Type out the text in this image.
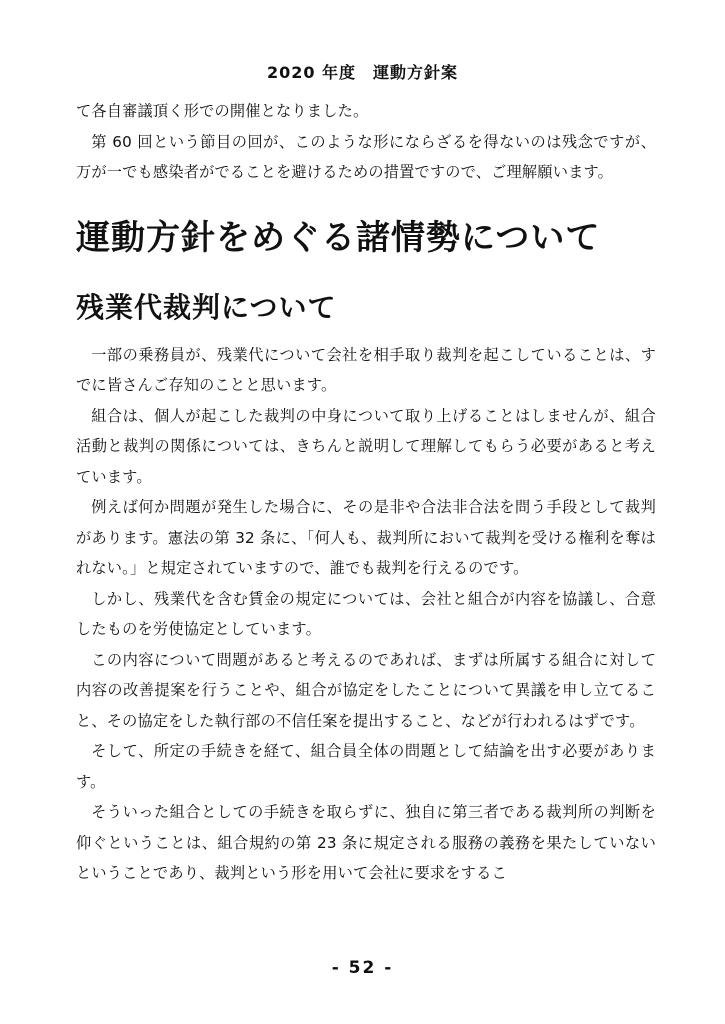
2020 年度　運動方針案

て各自審議頂く形での開催となりました。

第 60 回という節目の回が、このような形にならざるを得ないのは残念ですが、万が一でも感染者がでることを避けるための措置ですので、ご理解願います。

運動方針をめぐる諸情勢について
残業代裁判について

一部の乗務員が、残業代について会社を相手取り裁判を起こしていることは、すでに皆さんご存知のことと思います。

組合は、個人が起こした裁判の中身について取り上げることはしませんが、組合活動と裁判の関係については、きちんと説明して理解してもらう必要があると考えています。

例えば何か問題が発生した場合に、その是非や合法非合法を問う手段として裁判があります。憲法の第 32 条に、「何人も、裁判所において裁判を受ける権利を奪はれない。」と規定されていますので、誰でも裁判を行えるのです。

しかし、残業代を含む賃金の規定については、会社と組合が内容を協議し、合意したものを労使協定としています。

この内容について問題があると考えるのであれば、まずは所属する組合に対して内容の改善提案を行うことや、組合が協定をしたことについて異議を申し立てること、その協定をした執行部の不信任案を提出すること、などが行われるはずです。

そして、所定の手続きを経て、組合員全体の問題として結論を出す必要があります。

そういった組合としての手続きを取らずに、独自に第三者である裁判所の判断を仰ぐということは、組合規約の第 23 条に規定される服務の義務を果たしていないということであり、裁判という形を用いて会社に要求をするこ

- 52 -
